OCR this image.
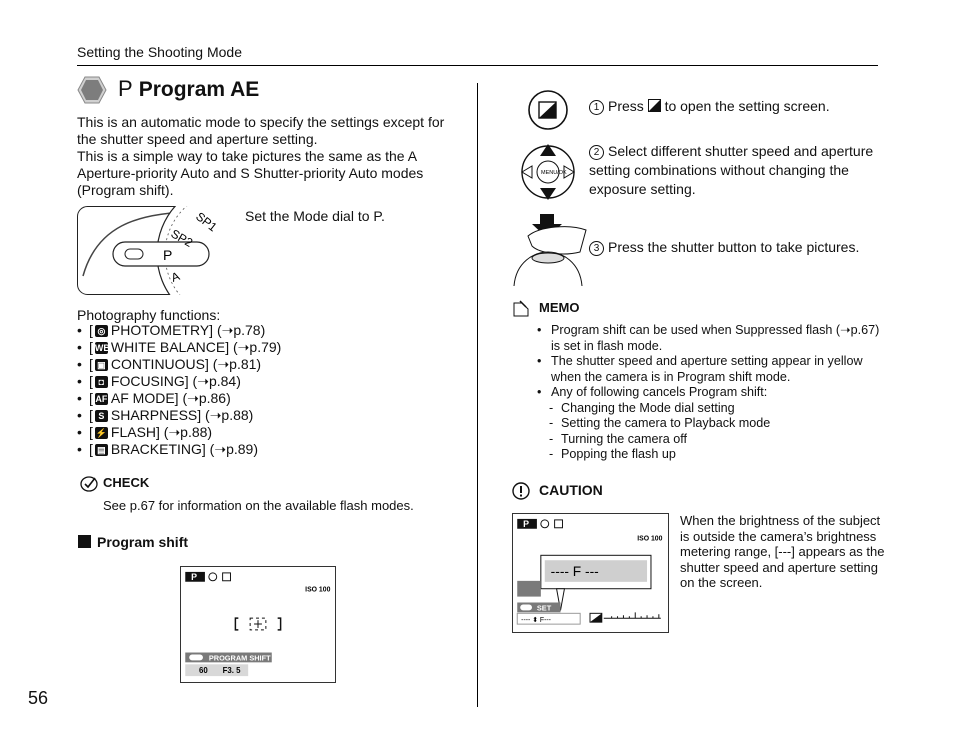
Setting the Shooting Mode
P Program AE
This is an automatic mode to specify the settings except for the shutter speed and aperture setting.
This is a simple way to take pictures the same as the A Aperture-priority Auto and S Shutter-priority Auto modes (Program shift).
P
SP2
SP1
A
Set the Mode dial to P.
Photography functions:
• [ ◎ PHOTOMETRY] (➝p.78)
• [ WB WHITE BALANCE] (➝p.79)
• [ ▣ CONTINUOUS] (➝p.81)
• [ ◘ FOCUSING] (➝p.84)
• [ AF AF MODE] (➝p.86)
• [ S SHARPNESS] (➝p.88)
• [ ⚡ FLASH] (➝p.88)
• [ ▤ BRACKETING] (➝p.89)
CHECK
See p.67 for information on the available flash modes.
Program shift
P
ISO 100
PROGRAM SHIFT
60 F3. 5
56
MENU/OK
1 Press to open the setting screen.
2 Select different shutter speed and aperture setting combinations without changing the exposure setting.
3 Press the shutter button to take pictures.
MEMO
• Program shift can be used when Suppressed flash (➝p.67) is set in flash mode.
• The shutter speed and aperture setting appear in yellow when the camera is in Program shift mode.
• Any of following cancels Program shift:
- Changing the Mode dial setting
- Setting the camera to Playback mode
- Turning the camera off
- Popping the flash up
CAUTION
P
ISO 100
---- F ---
SET
---- ⬍ F---
When the brightness of the subject is outside the camera’s brightness metering range, [---] appears as the shutter speed and aperture setting on the screen.
